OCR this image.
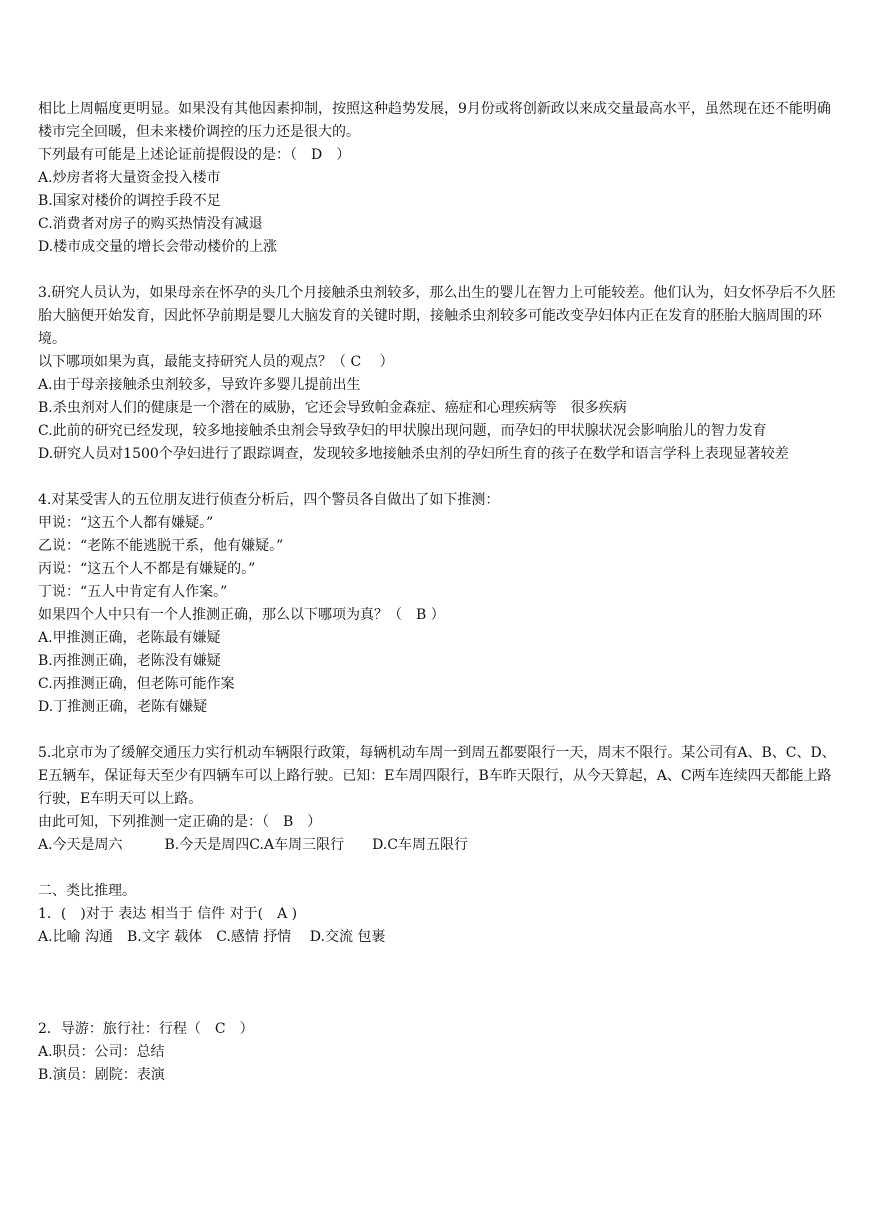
相比上周幅度更明显。如果没有其他因素抑制，按照这种趋势发展，9月份或将创新政以来成交量最高水平，虽然现在还不能明确楼市完全回暖，但未来楼价调控的压力还是很大的。
下列最有可能是上述论证前提假设的是：（　D　）
A.炒房者将大量资金投入楼市
B.国家对楼价的调控手段不足
C.消费者对房子的购买热情没有减退
D.楼市成交量的增长会带动楼价的上涨
3.研究人员认为，如果母亲在怀孕的头几个月接触杀虫剂较多，那么出生的婴儿在智力上可能较差。他们认为，妇女怀孕后不久胚胎大脑便开始发育，因此怀孕前期是婴儿大脑发育的关键时期，接触杀虫剂较多可能改变孕妇体内正在发育的胚胎大脑周围的环境。
以下哪项如果为真，最能支持研究人员的观点？（ C　 ）
A.由于母亲接触杀虫剂较多，导致许多婴儿提前出生
B.杀虫剂对人们的健康是一个潜在的威胁，它还会导致帕金森症、癌症和心理疾病等　很多疾病
C.此前的研究已经发现，较多地接触杀虫剂会导致孕妇的甲状腺出现问题，而孕妇的甲状腺状况会影响胎儿的智力发育
D.研究人员对1500个孕妇进行了跟踪调查，发现较多地接触杀虫剂的孕妇所生育的孩子在数学和语言学科上表现显著较差
4.对某受害人的五位朋友进行侦查分析后，四个警员各自做出了如下推测：
甲说：“这五个人都有嫌疑。”
乙说：“老陈不能逃脱干系，他有嫌疑。”
丙说：“这五个人不都是有嫌疑的。”
丁说：“五人中肯定有人作案。”
如果四个人中只有一个人推测正确，那么以下哪项为真？（　B ）
A.甲推测正确，老陈最有嫌疑
B.丙推测正确，老陈没有嫌疑
C.丙推测正确，但老陈可能作案
D.丁推测正确，老陈有嫌疑
5.北京市为了缓解交通压力实行机动车辆限行政策，每辆机动车周一到周五都要限行一天，周末不限行。某公司有A、B、C、D、E五辆车，保证每天至少有四辆车可以上路行驶。已知：E车周四限行，B车昨天限行，从今天算起，A、C两车连续四天都能上路行驶，E车明天可以上路。
由此可知，下列推测一定正确的是：（　B　）
A.今天是周六　　　B.今天是周四C.A车周三限行　　D.C车周五限行
二、类比推理。
1．(　)对于 表达 相当于 信件 对于(　A )
A.比喻 沟通　B.文字 载体　C.感情 抒情　 D.交流 包裹
2．导游：旅行社：行程（　C　）
A.职员：公司：总结
B.演员：剧院：表演
